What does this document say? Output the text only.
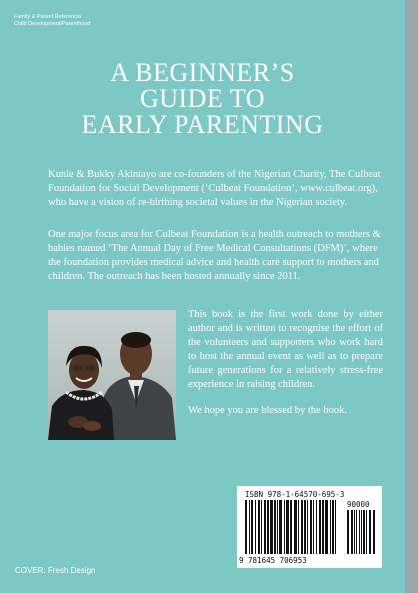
Family & Parent Reference/
Child Development/Parenthood
A BEGINNER’S
GUIDE TO
EARLY PARENTING
Kunle & Bukky Akintayo are co-founders of the Nigerian Charity, The Culbeat Foundation for Social Development (‘Culbeat Foundation’, www.culbeat.org), who have a vision of re-birthing societal values in the Nigerian society.
One major focus area for Culbeat Foundation is a health outreach to mothers & babies named ‘The Annual Day of Free Medical Consultations (DFM)’, where the foundation provides medical advice and health care support to mothers and children. The outreach has been hosted annually since 2011.
This book is the first work done by either author and is written to recognise the effort of the volunteers and supporters who work hard to host the annual event as well as to prepare future generations for a relatively stress-free experience in raising children.
We hope you are blessed by the book.
ISBN 978-1-64570-695-3
90000
9 781645 706953
COVER: Fresh Design
